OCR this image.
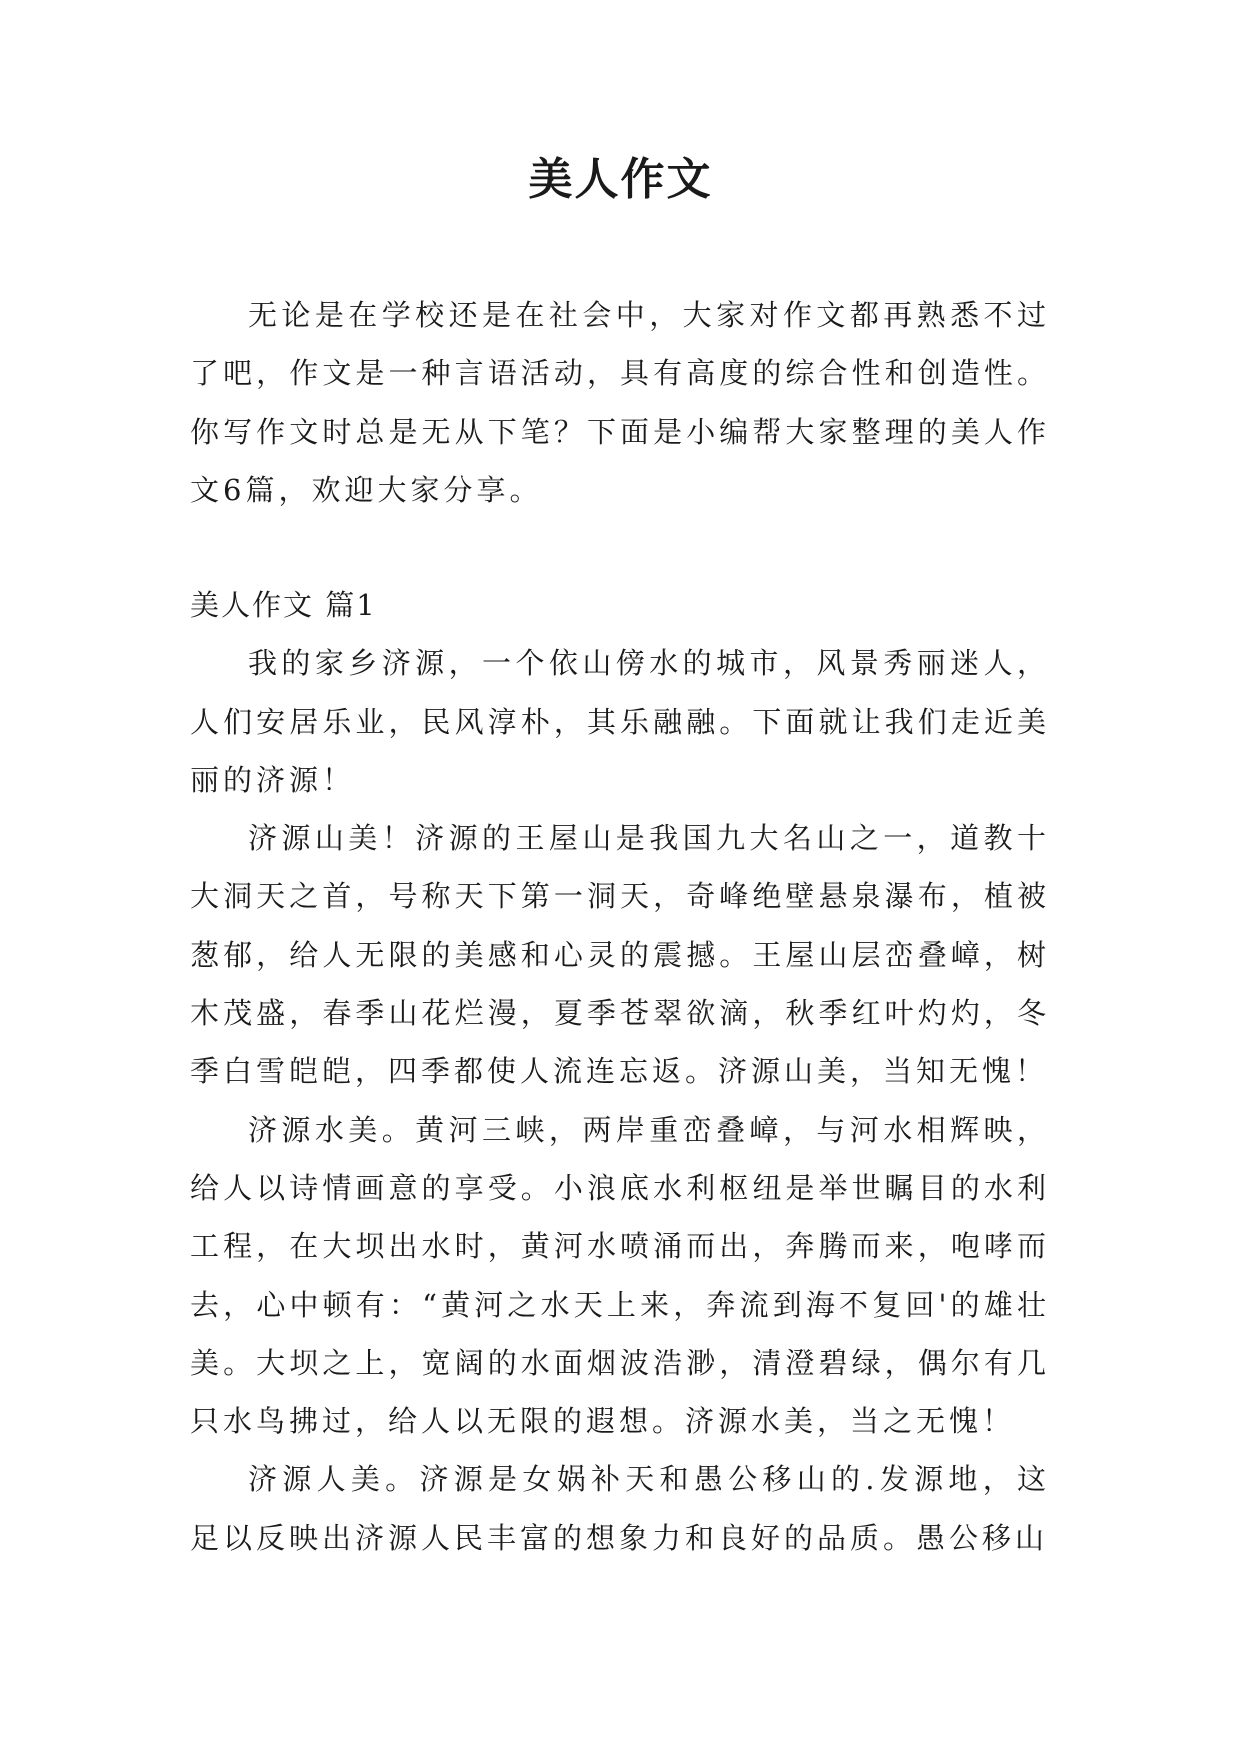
美人作文

无论是在学校还是在社会中，大家对作文都再熟悉不过了吧，作文是一种言语活动，具有高度的综合性和创造性。你写作文时总是无从下笔？下面是小编帮大家整理的美人作文6篇，欢迎大家分享。

美人作文 篇1

我的家乡济源，一个依山傍水的城市，风景秀丽迷人，人们安居乐业，民风淳朴，其乐融融。下面就让我们走近美丽的济源！

济源山美！济源的王屋山是我国九大名山之一，道教十大洞天之首，号称天下第一洞天，奇峰绝壁悬泉瀑布，植被葱郁，给人无限的美感和心灵的震撼。王屋山层峦叠嶂，树木茂盛，春季山花烂漫，夏季苍翠欲滴，秋季红叶灼灼，冬季白雪皑皑，四季都使人流连忘返。济源山美，当知无愧！

济源水美。黄河三峡，两岸重峦叠嶂，与河水相辉映，给人以诗情画意的享受。小浪底水利枢纽是举世瞩目的水利工程，在大坝出水时，黄河水喷涌而出，奔腾而来，咆哮而去，心中顿有：“黄河之水天上来，奔流到海不复回'的雄壮美。大坝之上，宽阔的水面烟波浩渺，清澄碧绿，偶尔有几只水鸟拂过，给人以无限的遐想。济源水美，当之无愧！

济源人美。济源是女娲补天和愚公移山的.发源地，这足以反映出济源人民丰富的想象力和良好的品质。愚公移山
